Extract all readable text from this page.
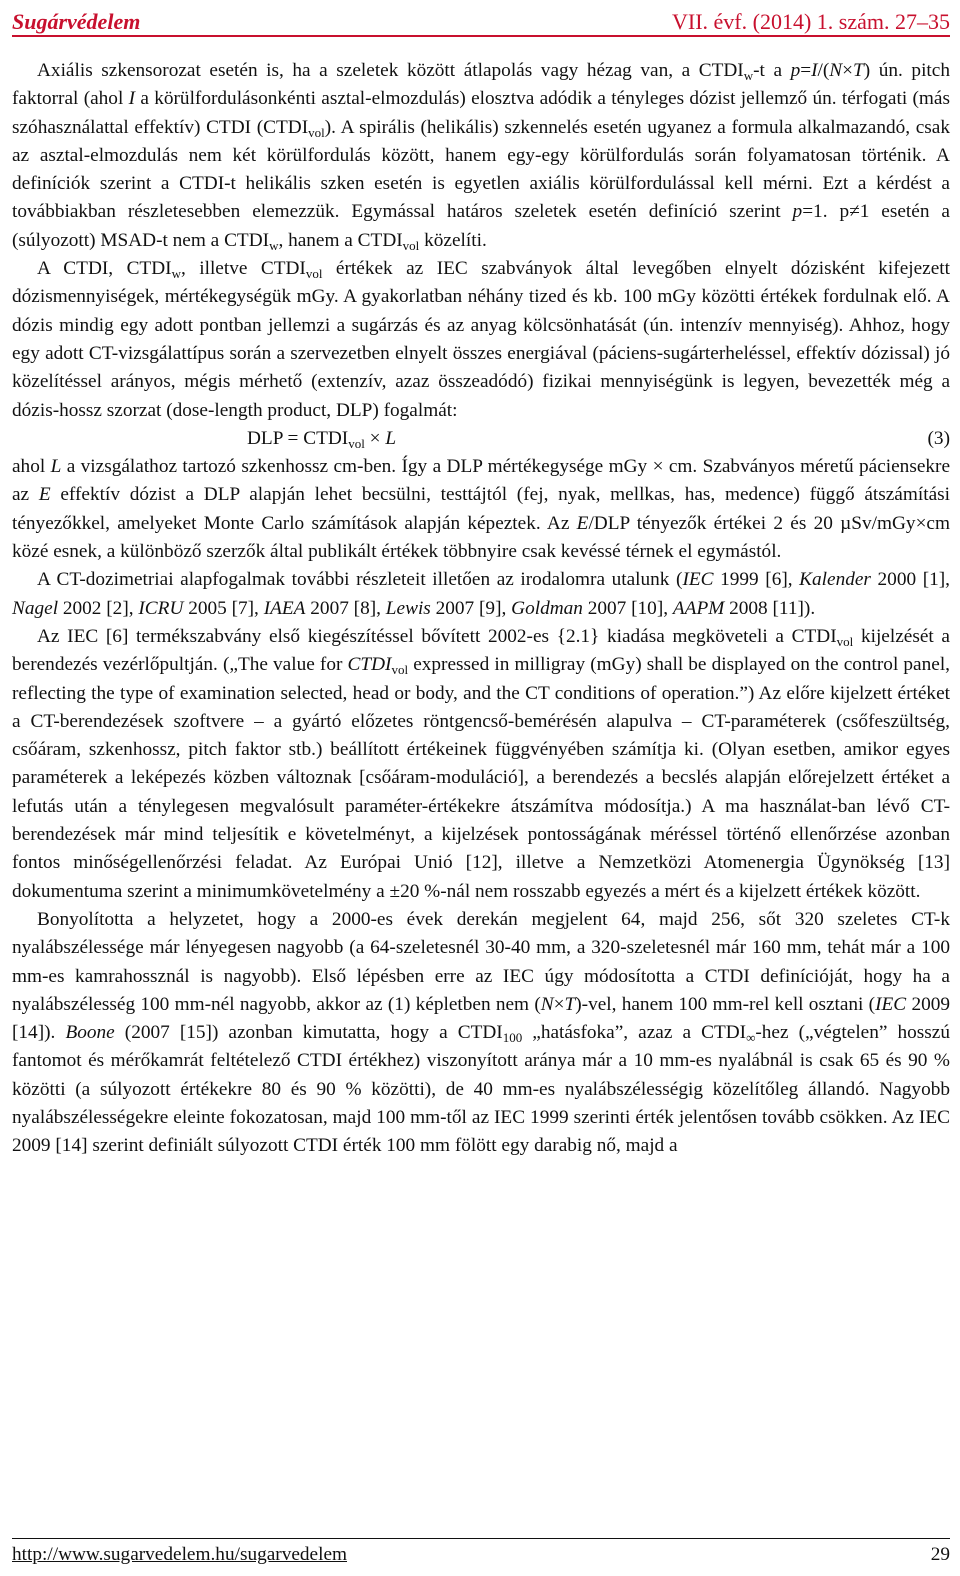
Sugárvédelem	VII. évf. (2014) 1. szám. 27–35

Axiális szkensorozat esetén is, ha a szeletek között átlapolás vagy hézag van, a $CTDI_w-t$ a p=I/(N×T) ún. pitch faktorral (ahol I a körülfordulásonkénti asztal-elmozdulás) elosztva adódik a tényleges dózist jellemző ún. térfogati (más szóhasználattal effektív) CTDI $(CTDI_{vol})$. A spirális (helikális) szkennelés esetén ugyanez a formula alkalmazandó, csak az asztal-elmozdulás nem két körülfordulás között, hanem egy-egy körülfordulás során folyamatosan történik. A definíciók szerint a CTDI-t helikális szken esetén is egyetlen axiális körülfordulással kell mérni. Ezt a kérdést a továbbiakban részletesebben elemezzük. Egymással határos szeletek esetén definíció szerint p=1. p≠1 esetén a (súlyozott) MSAD-t nem a $CTDI_w$, hanem a $CTDI_{vol}$ közelíti.

A CTDI, $CTDI_w$, illetve $CTDI_{vol}$ értékek az IEC szabványok által levegőben elnyelt dózisként kifejezett dózismennyiségek, mértékegységük mGy. A gyakorlatban néhány tized és kb. 100 mGy közötti értékek fordulnak elő. A dózis mindig egy adott pontban jellemzi a sugárzás és az anyag kölcsönhatását (ún. intenzív mennyiség). Ahhoz, hogy egy adott CT-vizsgálattípus során a szervezetben elnyelt összes energiával (páciens-sugárterheléssel, effektív dózissal) jó közelítéssel arányos, mégis mérhető (extenzív, azaz összeadódó) fizikai mennyiségünk is legyen, bevezették még a dózis-hossz szorzat (dose-length product, DLP) fogalmát:

DLP = $CTDI_{vol} \times L$	(3)

ahol L a vizsgálathoz tartozó szkenhossz cm-ben. Így a DLP mértékegysége mGy × cm. Szabványos méretű páciensekre az E effektív dózist a DLP alapján lehet becsülni, testtájtól (fej, nyak, mellkas, has, medence) függő átszámítási tényezőkkel, amelyeket Monte Carlo számítások alapján képeztek. Az E/DLP tényezők értékei 2 és 20 µSv/mGy×cm közé esnek, a különböző szerzők által publikált értékek többnyire csak kevéssé térnek el egymástól.

A CT-dozimetriai alapfogalmak további részleteit illetően az irodalomra utalunk (IEC 1999 [6], Kalender 2000 [1], Nagel 2002 [2], ICRU 2005 [7], IAEA 2007 [8], Lewis 2007 [9], Goldman 2007 [10], AAPM 2008 [11]).

Az IEC [6] termékszabvány első kiegészítéssel bővített 2002-es {2.1} kiadása megköveteli a $CTDI_{vol}$ kijelzését a berendezés vezérlőpultján. („The value for $CTDI_{vol}$ expressed in milligray (mGy) shall be displayed on the control panel, reflecting the type of examination selected, head or body, and the CT conditions of operation.”) Az előre kijelzett értéket a CT-berendezések szoftvere – a gyártó előzetes röntgencső-bemérésén alapulva – CT-paraméterek (csőfeszültség, csőáram, szkenhossz, pitch faktor stb.) beállított értékeinek függvényében számítja ki. (Olyan esetben, amikor egyes paraméterek a leképezés közben változnak [csőáram-moduláció], a berendezés a becslés alapján előrejelzett értéket a lefutás után a ténylegesen megvalósult paraméter-értékekre átszámítva módosítja.) A ma használat-ban lévő CT-berendezések már mind teljesítik e követelményt, a kijelzések pontosságának méréssel történő ellenőrzése azonban fontos minőségellenőrzési feladat. Az Európai Unió [12], illetve a Nemzetközi Atomenergia Ügynökség [13] dokumentuma szerint a minimumkövetelmény a ±20 %-nál nem rosszabb egyezés a mért és a kijelzett értékek között.

Bonyolította a helyzetet, hogy a 2000-es évek derekán megjelent 64, majd 256, sőt 320 szeletes CT-k nyalábszélessége már lényegesen nagyobb (a 64-szeletesnél 30-40 mm, a 320-szeletesnél már 160 mm, tehát már a 100 mm-es kamrahossznál is nagyobb). Első lépésben erre az IEC úgy módosította a CTDI definícióját, hogy ha a nyalábszélesség 100 mm-nél nagyobb, akkor az (1) képletben nem (N×T)-vel, hanem 100 mm-rel kell osztani (IEC 2009 [14]). Boone (2007 [15]) azonban kimutatta, hogy a $CTDI_{100}$ „hatásfoka”, azaz a $CTDI_\infty$-hez („végtelen” hosszú fantomot és mérőkamrát feltételező CTDI értékhez) viszonyított aránya már a 10 mm-es nyalábnál is csak 65 és 90 % közötti (a súlyozott értékekre 80 és 90 % közötti), de 40 mm-es nyalábszélességig közelítőleg állandó. Nagyobb nyalábszélességekre eleinte fokozatosan, majd 100 mm-től az IEC 1999 szerinti érték jelentősen tovább csökken. Az IEC 2009 [14] szerint definiált súlyozott CTDI érték 100 mm fölött egy darabig nő, majd a

http://www.sugarvedelem.hu/sugarvedelem	29
